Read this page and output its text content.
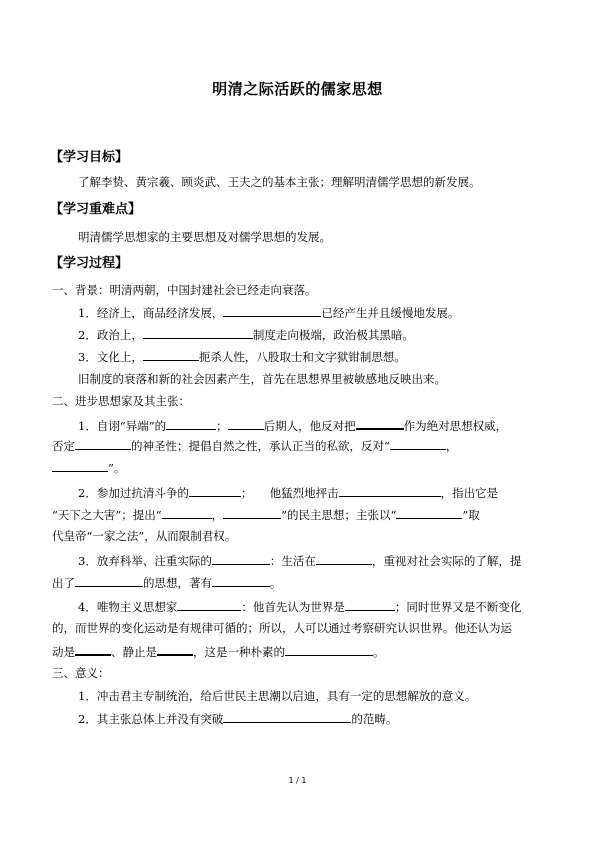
明清之际活跃的儒家思想
【学习目标】
了解李贽、黄宗羲、顾炎武、王夫之的基本主张；理解明清儒学思想的新发展。
【学习重难点】
明清儒学思想家的主要思想及对儒学思想的发展。
【学习过程】
一、背景：明清两朝，中国封建社会已经走向衰落。
1．经济上，商品经济发展，	已经产生并且缓慢地发展。
2．政治上，	制度走向极端，政治极其黑暗。
3．文化上，	扼杀人性，八股取士和文字狱钳制思想。
旧制度的衰落和新的社会因素产生，首先在思想界里被敏感地反映出来。
二、进步思想家及其主张：
1．自诩“异端”的	；	后期人，他反对把	作为绝对思想权威，
否定	的神圣性；提倡自然之性，承认正当的私欲，反对“	，
”。
2．参加过抗清斗争的	；　　他猛烈地抨击	，指出它是
“天下之大害”；提出“	，	”的民主思想；主张以“	”取
代皇帝“一家之法”，从而限制君权。
3．放弃科举、注重实际的	：生活在	，重视对社会实际的了解，提
出了	的思想，著有	。
4．唯物主义思想家	：他首先认为世界是	；同时世界又是不断变化
的，而世界的变化运动是有规律可循的；所以，人可以通过考察研究认识世界。他还认为运
动是	、静止是	，这是一种朴素的	。
三、意义：
1．冲击君主专制统治，给后世民主思潮以启迪，具有一定的思想解放的意义。
2．其主张总体上并没有突破	的范畴。
1 / 1
